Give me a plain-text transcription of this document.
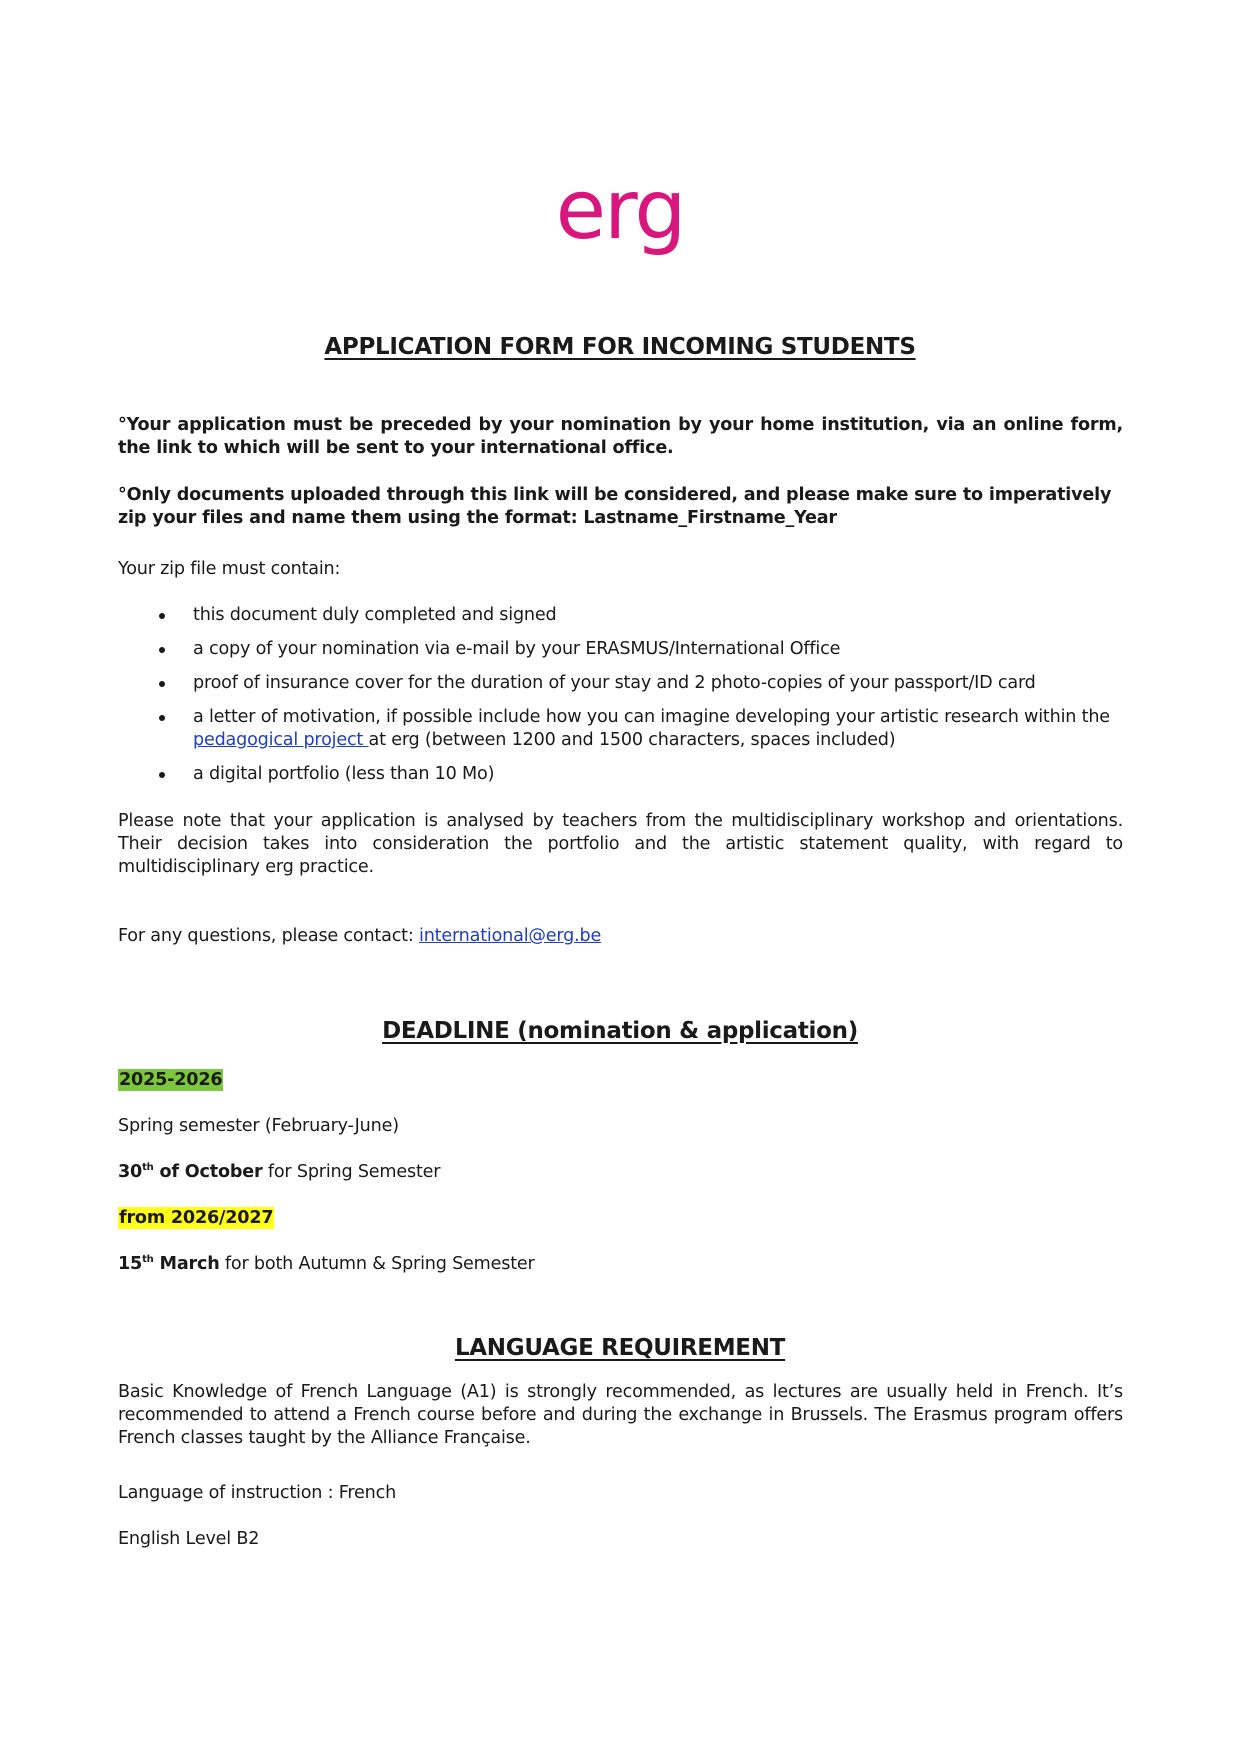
erg
APPLICATION FORM FOR INCOMING STUDENTS
°Your application must be preceded by your nomination by your home institution, via an online form, the link to which will be sent to your international office.
°Only documents uploaded through this link will be considered, and please make sure to imperatively zip your files and name them using the format: Lastname_Firstname_Year
Your zip file must contain:
this document duly completed and signed
a copy of your nomination via e-mail by your ERASMUS/International Office
proof of insurance cover for the duration of your stay and 2 photo-copies of your passport/ID card
a letter of motivation, if possible include how you can imagine developing your artistic research within the pedagogical project at erg (between 1200 and 1500 characters, spaces included)
a digital portfolio (less than 10 Mo)
Please note that your application is analysed by teachers from the multidisciplinary workshop and orientations. Their decision takes into consideration the portfolio and the artistic statement quality, with regard to multidisciplinary erg practice.
For any questions, please contact: international@erg.be
DEADLINE (nomination & application)
2025-2026
Spring semester (February-June)
30th of October for Spring Semester
from 2026/2027
15th March for both Autumn & Spring Semester
LANGUAGE REQUIREMENT
Basic Knowledge of French Language (A1) is strongly recommended, as lectures are usually held in French. It’s recommended to attend a French course before and during the exchange in Brussels. The Erasmus program offers French classes taught by the Alliance Française.
Language of instruction : French
English Level B2
